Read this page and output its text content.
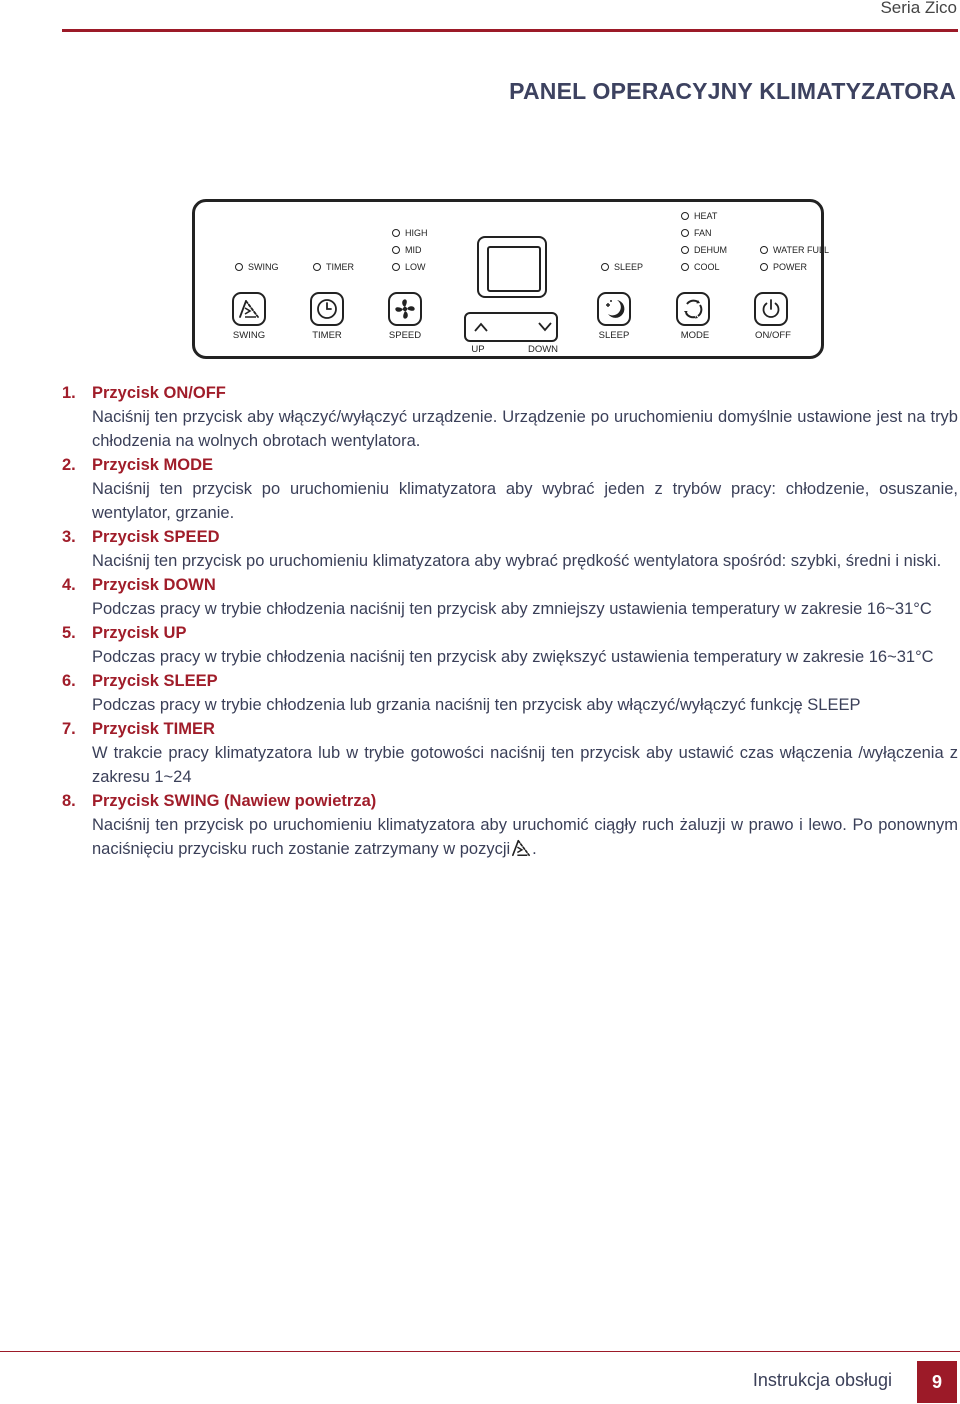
Seria Zico
PANEL OPERACYJNY KLIMATYZATORA
SWING	TIMER
HIGH
MID
LOW	SLEEP
HEAT
FAN
DEHUM
COOL
WATER FULL
POWER
SWING	TIMER	SPEED
UP	DOWN
SLEEP	MODE	ON/OFF
1. Przycisk ON/OFF
Naciśnij ten przycisk aby włączyć/wyłączyć urządzenie. Urządzenie po uruchomieniu domyślnie ustawione jest na tryb chłodzenia na wolnych obrotach wentylatora.
2. Przycisk MODE
Naciśnij ten przycisk po uruchomieniu klimatyzatora aby wybrać jeden z trybów pracy: chłodzenie, osuszanie, wentylator, grzanie.
3. Przycisk SPEED
Naciśnij ten przycisk po uruchomieniu klimatyzatora aby wybrać prędkość wentylatora spośród: szybki, średni i niski.
4. Przycisk DOWN
Podczas pracy w trybie chłodzenia naciśnij ten przycisk aby zmniejszy ustawienia temperatury w zakresie 16~31°C
5. Przycisk UP
Podczas pracy w trybie chłodzenia naciśnij ten przycisk aby zwiększyć ustawienia temperatury w zakresie 16~31°C
6. Przycisk SLEEP
Podczas pracy w trybie chłodzenia lub grzania naciśnij ten przycisk aby włączyć/wyłączyć funkcję SLEEP
7. Przycisk TIMER
W trakcie pracy klimatyzatora lub w trybie gotowości naciśnij ten przycisk aby ustawić czas włączenia /wyłączenia z zakresu 1~24
8. Przycisk SWING (Nawiew powietrza)
Naciśnij ten przycisk po uruchomieniu klimatyzatora aby uruchomić ciągły ruch żaluzji w prawo i lewo. Po ponownym naciśnięciu przycisku ruch zostanie zatrzymany w pozycji .
Instrukcja obsługi	9
